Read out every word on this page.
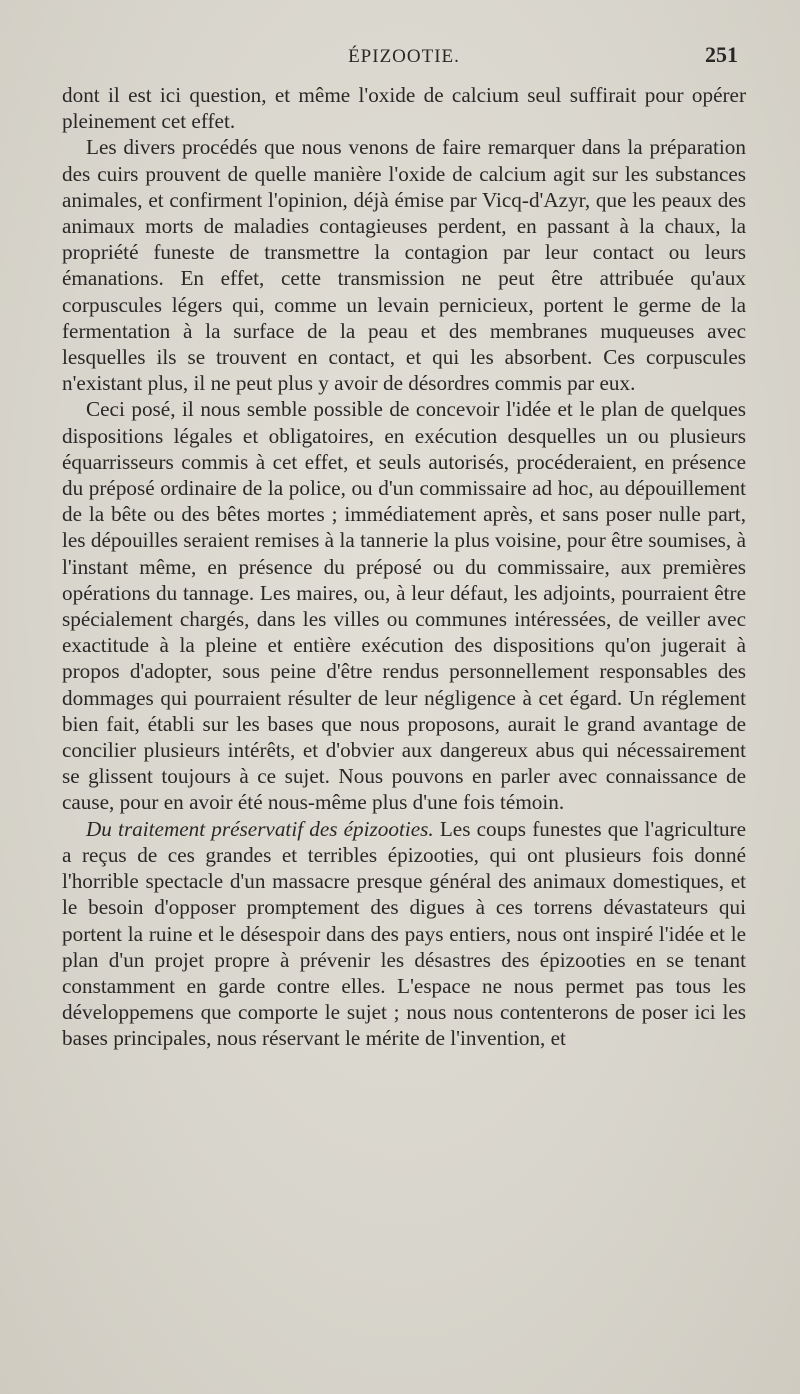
ÉPIZOOTIE.	251

dont il est ici question, et même l'oxide de calcium seul suffirait pour opérer pleinement cet effet.

Les divers procédés que nous venons de faire remarquer dans la préparation des cuirs prouvent de quelle manière l'oxide de calcium agit sur les substances animales, et confirment l'opinion, déjà émise par Vicq-d'Azyr, que les peaux des animaux morts de maladies contagieuses perdent, en passant à la chaux, la propriété funeste de transmettre la contagion par leur contact ou leurs émanations. En effet, cette transmission ne peut être attribuée qu'aux corpuscules légers qui, comme un levain pernicieux, portent le germe de la fermentation à la surface de la peau et des membranes muqueuses avec lesquelles ils se trouvent en contact, et qui les absorbent. Ces corpuscules n'existant plus, il ne peut plus y avoir de désordres commis par eux.

Ceci posé, il nous semble possible de concevoir l'idée et le plan de quelques dispositions légales et obligatoires, en exécution desquelles un ou plusieurs équarrisseurs commis à cet effet, et seuls autorisés, procéderaient, en présence du préposé ordinaire de la police, ou d'un commissaire ad hoc, au dépouillement de la bête ou des bêtes mortes ; immédiatement après, et sans poser nulle part, les dépouilles seraient remises à la tannerie la plus voisine, pour être soumises, à l'instant même, en présence du préposé ou du commissaire, aux premières opérations du tannage. Les maires, ou, à leur défaut, les adjoints, pourraient être spécialement chargés, dans les villes ou communes intéressées, de veiller avec exactitude à la pleine et entière exécution des dispositions qu'on jugerait à propos d'adopter, sous peine d'être rendus personnellement responsables des dommages qui pourraient résulter de leur négligence à cet égard. Un réglement bien fait, établi sur les bases que nous proposons, aurait le grand avantage de concilier plusieurs intérêts, et d'obvier aux dangereux abus qui nécessairement se glissent toujours à ce sujet. Nous pouvons en parler avec connaissance de cause, pour en avoir été nous-même plus d'une fois témoin.

Du traitement préservatif des épizooties. Les coups funestes que l'agriculture a reçus de ces grandes et terribles épizooties, qui ont plusieurs fois donné l'horrible spectacle d'un massacre presque général des animaux domestiques, et le besoin d'opposer promptement des digues à ces torrens dévastateurs qui portent la ruine et le désespoir dans des pays entiers, nous ont inspiré l'idée et le plan d'un projet propre à prévenir les désastres des épizooties en se tenant constamment en garde contre elles. L'espace ne nous permet pas tous les développemens que comporte le sujet ; nous nous contenterons de poser ici les bases principales, nous réservant le mérite de l'invention, et
